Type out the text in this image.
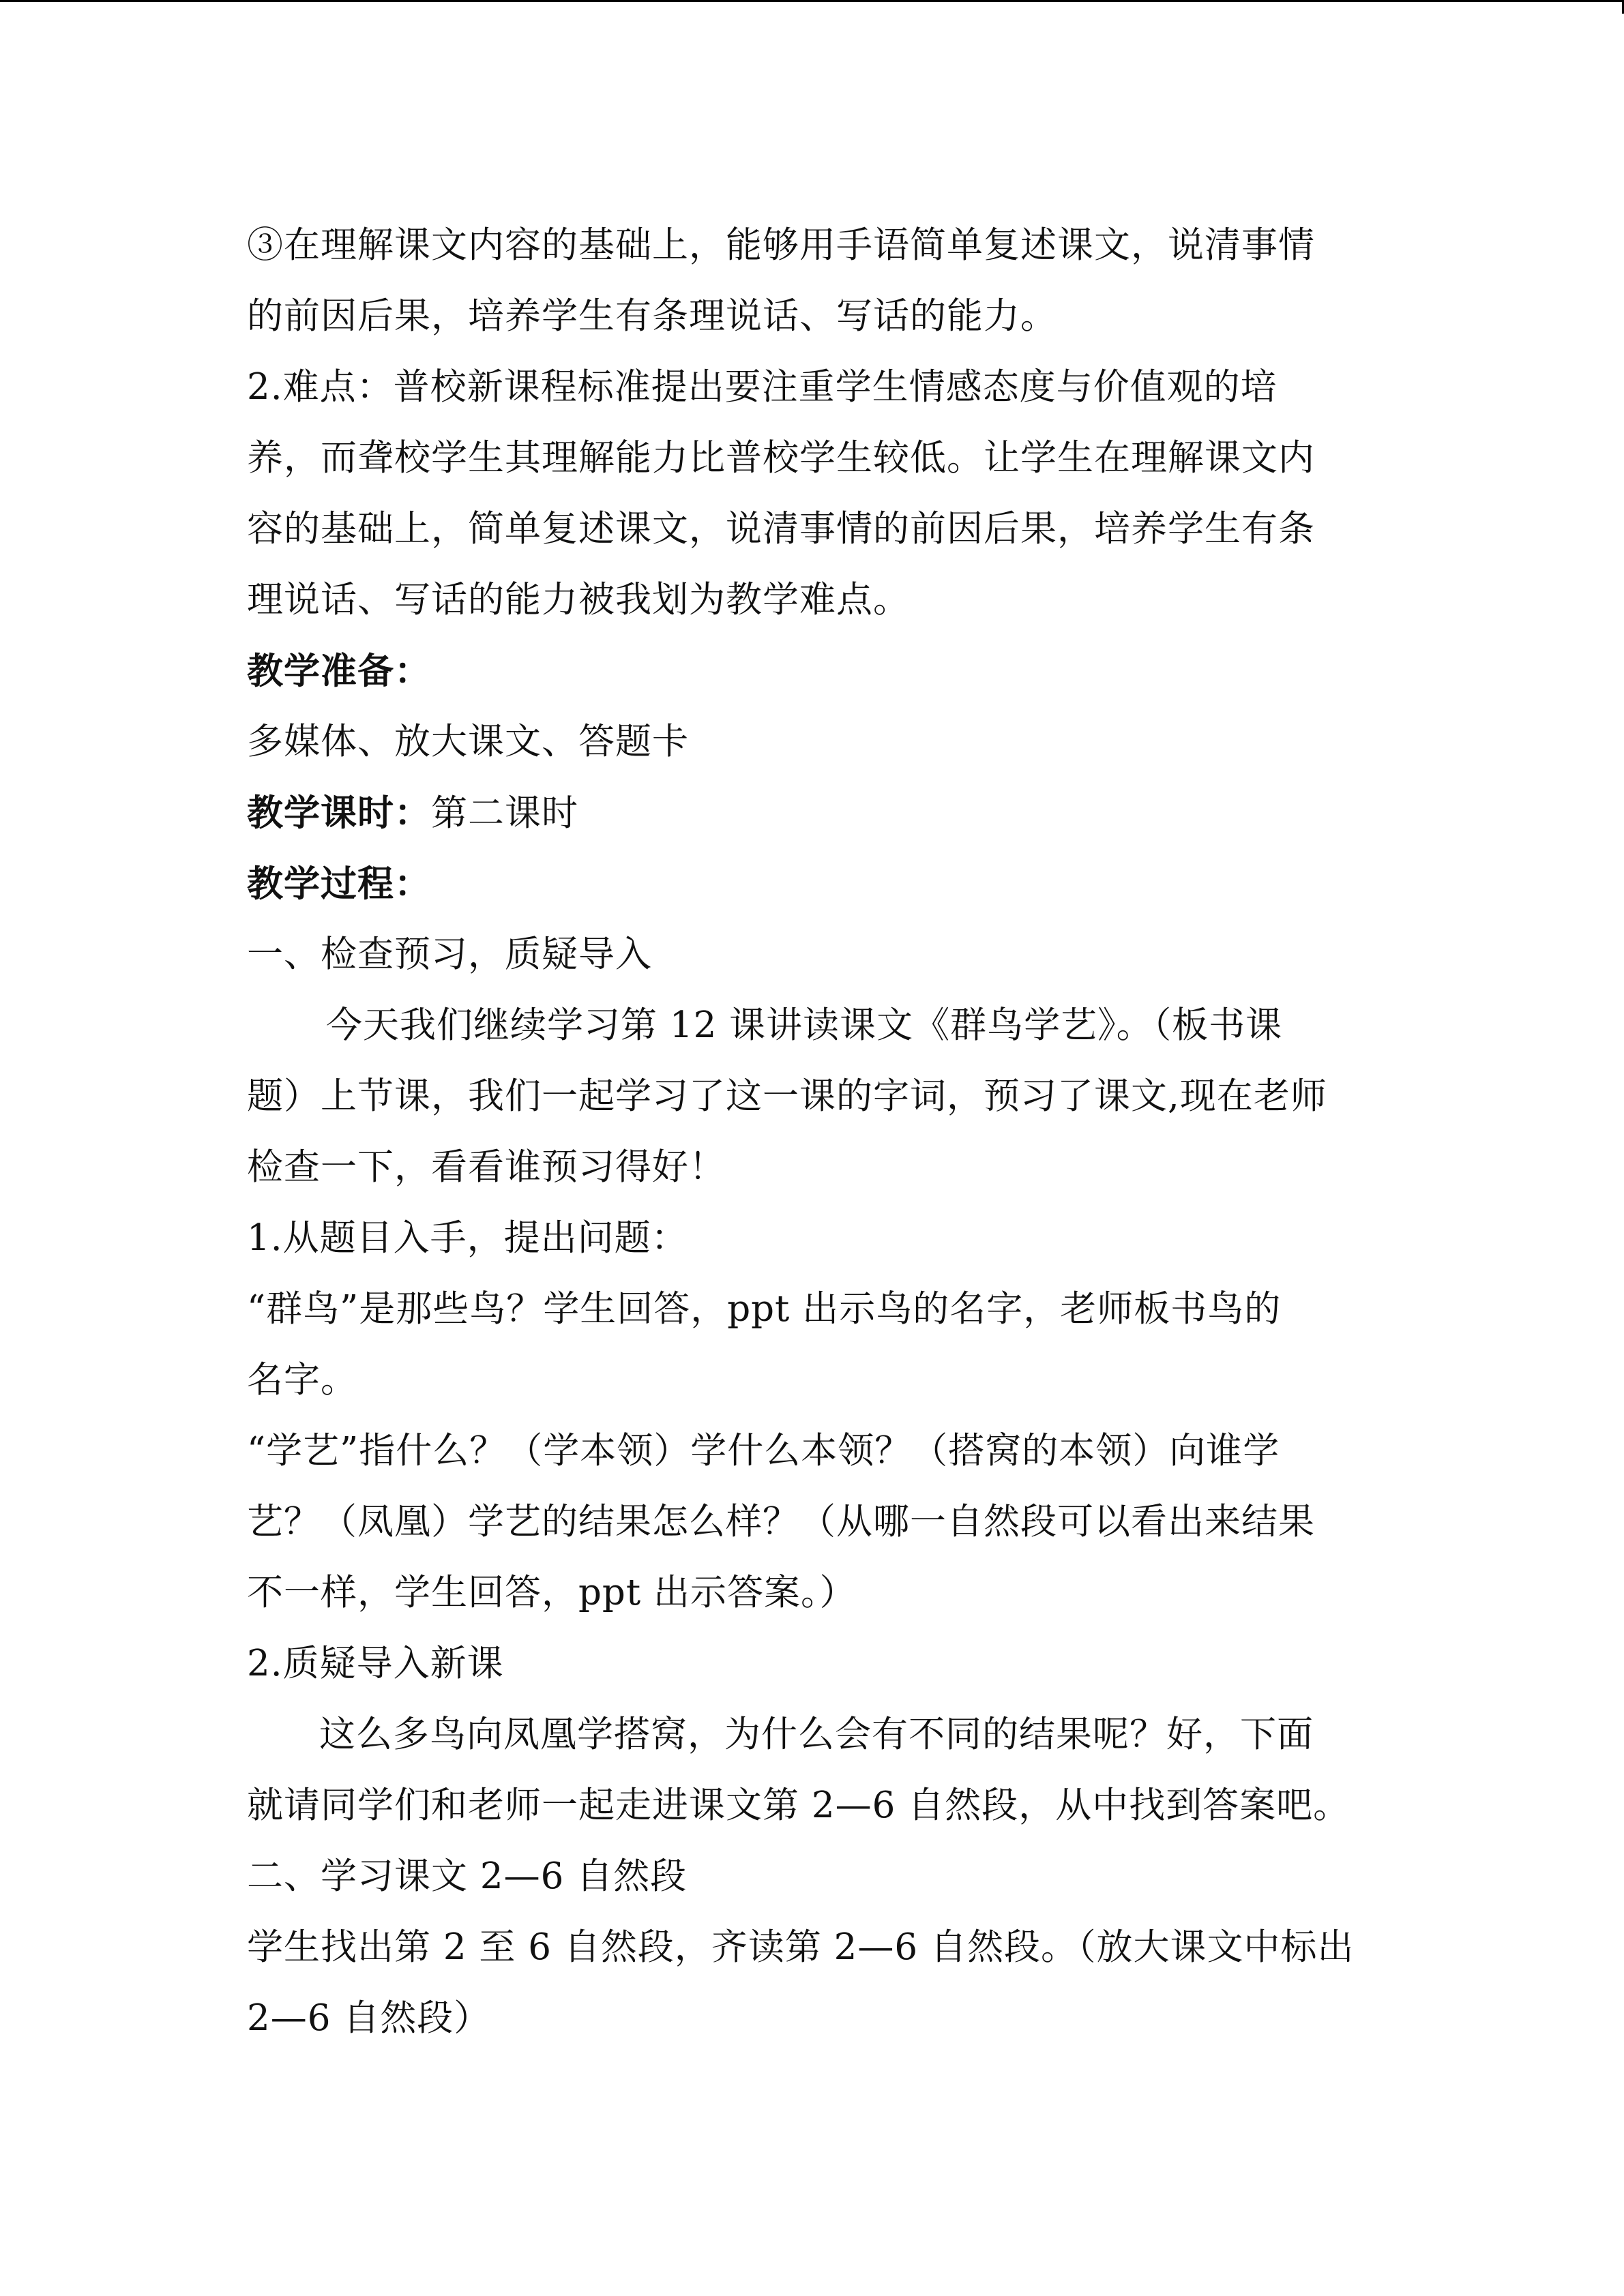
③在理解课文内容的基础上，能够用手语简单复述课文，说清事情
的前因后果，培养学生有条理说话、写话的能力。
2.难点：普校新课程标准提出要注重学生情感态度与价值观的培
养，而聋校学生其理解能力比普校学生较低。让学生在理解课文内
容的基础上，简单复述课文，说清事情的前因后果，培养学生有条
理说话、写话的能力被我划为教学难点。
教学准备：
多媒体、放大课文、答题卡
教学课时：第二课时
教学过程：
一、检查预习，质疑导入
今天我们继续学习第 12 课讲读课文《群鸟学艺》。（板书课
题）上节课，我们一起学习了这一课的字词，预习了课文,现在老师
检查一下，看看谁预习得好！
1.从题目入手，提出问题：
“群鸟”是那些鸟？学生回答，ppt 出示鸟的名字，老师板书鸟的
名字。
“学艺”指什么？（学本领）学什么本领？（搭窝的本领）向谁学
艺？（凤凰）学艺的结果怎么样？（从哪一自然段可以看出来结果
不一样，学生回答，ppt 出示答案。）
2.质疑导入新课
这么多鸟向凤凰学搭窝，为什么会有不同的结果呢？好，下面
就请同学们和老师一起走进课文第 2—6 自然段，从中找到答案吧。
二、学习课文 2—6 自然段
学生找出第 2 至 6 自然段，齐读第 2—6 自然段。（放大课文中标出
2—6 自然段）
